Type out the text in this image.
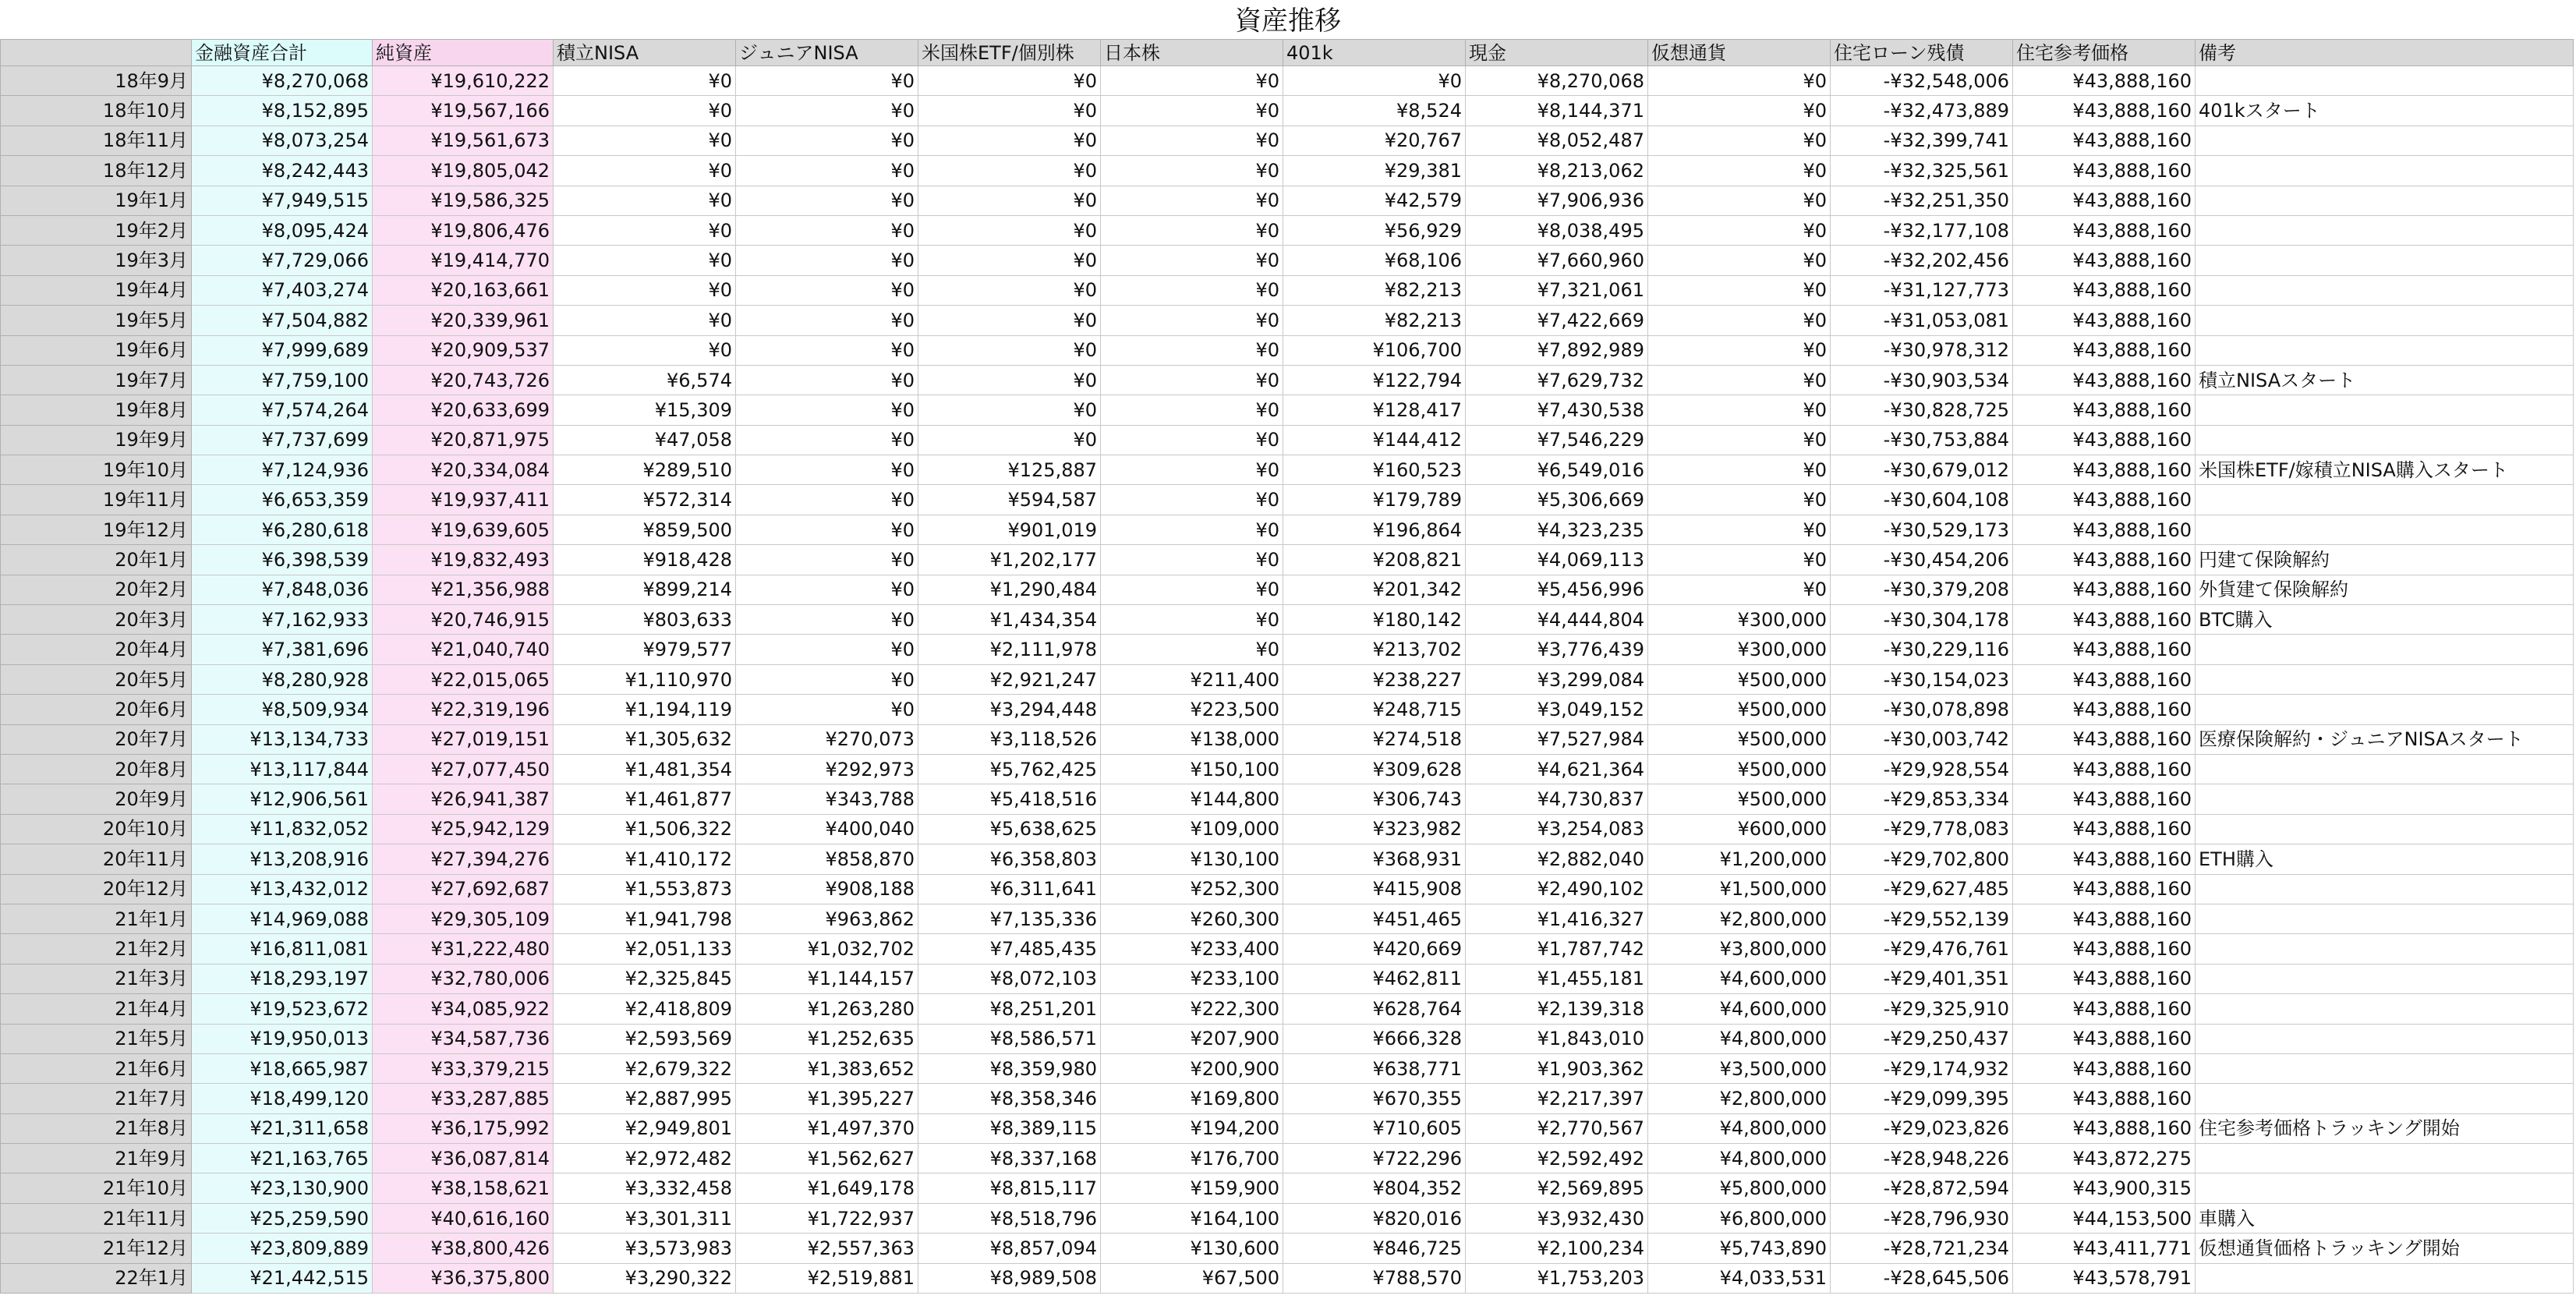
資産推移
	金融資産合計	純資産	積立NISA	ジュニアNISA	米国株ETF/個別株	日本株	401k	現金	仮想通貨	住宅ローン残債	住宅参考価格	備考
18年9月	¥8,270,068	¥19,610,222	¥0	¥0	¥0	¥0	¥0	¥8,270,068	¥0	-¥32,548,006	¥43,888,160	
18年10月	¥8,152,895	¥19,567,166	¥0	¥0	¥0	¥0	¥8,524	¥8,144,371	¥0	-¥32,473,889	¥43,888,160	401kスタート
18年11月	¥8,073,254	¥19,561,673	¥0	¥0	¥0	¥0	¥20,767	¥8,052,487	¥0	-¥32,399,741	¥43,888,160	
18年12月	¥8,242,443	¥19,805,042	¥0	¥0	¥0	¥0	¥29,381	¥8,213,062	¥0	-¥32,325,561	¥43,888,160	
19年1月	¥7,949,515	¥19,586,325	¥0	¥0	¥0	¥0	¥42,579	¥7,906,936	¥0	-¥32,251,350	¥43,888,160	
19年2月	¥8,095,424	¥19,806,476	¥0	¥0	¥0	¥0	¥56,929	¥8,038,495	¥0	-¥32,177,108	¥43,888,160	
19年3月	¥7,729,066	¥19,414,770	¥0	¥0	¥0	¥0	¥68,106	¥7,660,960	¥0	-¥32,202,456	¥43,888,160	
19年4月	¥7,403,274	¥20,163,661	¥0	¥0	¥0	¥0	¥82,213	¥7,321,061	¥0	-¥31,127,773	¥43,888,160	
19年5月	¥7,504,882	¥20,339,961	¥0	¥0	¥0	¥0	¥82,213	¥7,422,669	¥0	-¥31,053,081	¥43,888,160	
19年6月	¥7,999,689	¥20,909,537	¥0	¥0	¥0	¥0	¥106,700	¥7,892,989	¥0	-¥30,978,312	¥43,888,160	
19年7月	¥7,759,100	¥20,743,726	¥6,574	¥0	¥0	¥0	¥122,794	¥7,629,732	¥0	-¥30,903,534	¥43,888,160	積立NISAスタート
19年8月	¥7,574,264	¥20,633,699	¥15,309	¥0	¥0	¥0	¥128,417	¥7,430,538	¥0	-¥30,828,725	¥43,888,160	
19年9月	¥7,737,699	¥20,871,975	¥47,058	¥0	¥0	¥0	¥144,412	¥7,546,229	¥0	-¥30,753,884	¥43,888,160	
19年10月	¥7,124,936	¥20,334,084	¥289,510	¥0	¥125,887	¥0	¥160,523	¥6,549,016	¥0	-¥30,679,012	¥43,888,160	米国株ETF/嫁積立NISA購入スタート
19年11月	¥6,653,359	¥19,937,411	¥572,314	¥0	¥594,587	¥0	¥179,789	¥5,306,669	¥0	-¥30,604,108	¥43,888,160	
19年12月	¥6,280,618	¥19,639,605	¥859,500	¥0	¥901,019	¥0	¥196,864	¥4,323,235	¥0	-¥30,529,173	¥43,888,160	
20年1月	¥6,398,539	¥19,832,493	¥918,428	¥0	¥1,202,177	¥0	¥208,821	¥4,069,113	¥0	-¥30,454,206	¥43,888,160	円建て保険解約
20年2月	¥7,848,036	¥21,356,988	¥899,214	¥0	¥1,290,484	¥0	¥201,342	¥5,456,996	¥0	-¥30,379,208	¥43,888,160	外貨建て保険解約
20年3月	¥7,162,933	¥20,746,915	¥803,633	¥0	¥1,434,354	¥0	¥180,142	¥4,444,804	¥300,000	-¥30,304,178	¥43,888,160	BTC購入
20年4月	¥7,381,696	¥21,040,740	¥979,577	¥0	¥2,111,978	¥0	¥213,702	¥3,776,439	¥300,000	-¥30,229,116	¥43,888,160	
20年5月	¥8,280,928	¥22,015,065	¥1,110,970	¥0	¥2,921,247	¥211,400	¥238,227	¥3,299,084	¥500,000	-¥30,154,023	¥43,888,160	
20年6月	¥8,509,934	¥22,319,196	¥1,194,119	¥0	¥3,294,448	¥223,500	¥248,715	¥3,049,152	¥500,000	-¥30,078,898	¥43,888,160	
20年7月	¥13,134,733	¥27,019,151	¥1,305,632	¥270,073	¥3,118,526	¥138,000	¥274,518	¥7,527,984	¥500,000	-¥30,003,742	¥43,888,160	医療保険解約・ジュニアNISAスタート
20年8月	¥13,117,844	¥27,077,450	¥1,481,354	¥292,973	¥5,762,425	¥150,100	¥309,628	¥4,621,364	¥500,000	-¥29,928,554	¥43,888,160	
20年9月	¥12,906,561	¥26,941,387	¥1,461,877	¥343,788	¥5,418,516	¥144,800	¥306,743	¥4,730,837	¥500,000	-¥29,853,334	¥43,888,160	
20年10月	¥11,832,052	¥25,942,129	¥1,506,322	¥400,040	¥5,638,625	¥109,000	¥323,982	¥3,254,083	¥600,000	-¥29,778,083	¥43,888,160	
20年11月	¥13,208,916	¥27,394,276	¥1,410,172	¥858,870	¥6,358,803	¥130,100	¥368,931	¥2,882,040	¥1,200,000	-¥29,702,800	¥43,888,160	ETH購入
20年12月	¥13,432,012	¥27,692,687	¥1,553,873	¥908,188	¥6,311,641	¥252,300	¥415,908	¥2,490,102	¥1,500,000	-¥29,627,485	¥43,888,160	
21年1月	¥14,969,088	¥29,305,109	¥1,941,798	¥963,862	¥7,135,336	¥260,300	¥451,465	¥1,416,327	¥2,800,000	-¥29,552,139	¥43,888,160	
21年2月	¥16,811,081	¥31,222,480	¥2,051,133	¥1,032,702	¥7,485,435	¥233,400	¥420,669	¥1,787,742	¥3,800,000	-¥29,476,761	¥43,888,160	
21年3月	¥18,293,197	¥32,780,006	¥2,325,845	¥1,144,157	¥8,072,103	¥233,100	¥462,811	¥1,455,181	¥4,600,000	-¥29,401,351	¥43,888,160	
21年4月	¥19,523,672	¥34,085,922	¥2,418,809	¥1,263,280	¥8,251,201	¥222,300	¥628,764	¥2,139,318	¥4,600,000	-¥29,325,910	¥43,888,160	
21年5月	¥19,950,013	¥34,587,736	¥2,593,569	¥1,252,635	¥8,586,571	¥207,900	¥666,328	¥1,843,010	¥4,800,000	-¥29,250,437	¥43,888,160	
21年6月	¥18,665,987	¥33,379,215	¥2,679,322	¥1,383,652	¥8,359,980	¥200,900	¥638,771	¥1,903,362	¥3,500,000	-¥29,174,932	¥43,888,160	
21年7月	¥18,499,120	¥33,287,885	¥2,887,995	¥1,395,227	¥8,358,346	¥169,800	¥670,355	¥2,217,397	¥2,800,000	-¥29,099,395	¥43,888,160	
21年8月	¥21,311,658	¥36,175,992	¥2,949,801	¥1,497,370	¥8,389,115	¥194,200	¥710,605	¥2,770,567	¥4,800,000	-¥29,023,826	¥43,888,160	住宅参考価格トラッキング開始
21年9月	¥21,163,765	¥36,087,814	¥2,972,482	¥1,562,627	¥8,337,168	¥176,700	¥722,296	¥2,592,492	¥4,800,000	-¥28,948,226	¥43,872,275	
21年10月	¥23,130,900	¥38,158,621	¥3,332,458	¥1,649,178	¥8,815,117	¥159,900	¥804,352	¥2,569,895	¥5,800,000	-¥28,872,594	¥43,900,315	
21年11月	¥25,259,590	¥40,616,160	¥3,301,311	¥1,722,937	¥8,518,796	¥164,100	¥820,016	¥3,932,430	¥6,800,000	-¥28,796,930	¥44,153,500	車購入
21年12月	¥23,809,889	¥38,800,426	¥3,573,983	¥2,557,363	¥8,857,094	¥130,600	¥846,725	¥2,100,234	¥5,743,890	-¥28,721,234	¥43,411,771	仮想通貨価格トラッキング開始
22年1月	¥21,442,515	¥36,375,800	¥3,290,322	¥2,519,881	¥8,989,508	¥67,500	¥788,570	¥1,753,203	¥4,033,531	-¥28,645,506	¥43,578,791	
